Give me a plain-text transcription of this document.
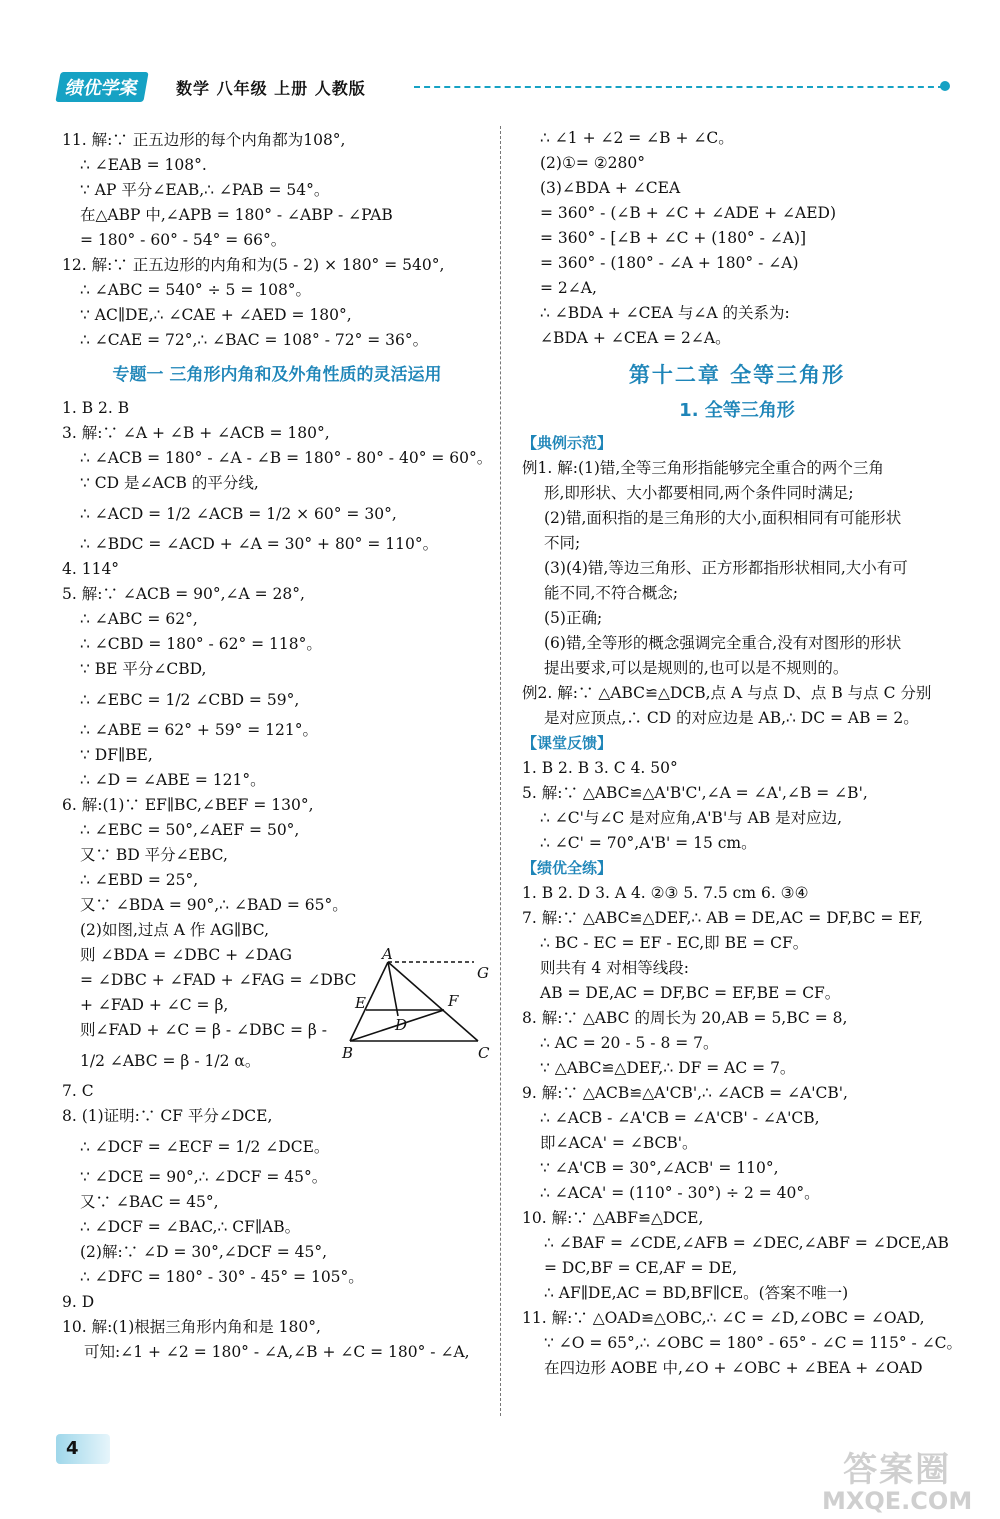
绩优学案	数学 八年级 上册 人教版
11. 解:∵ 正五边形的每个内角都为108°,
∴ ∠EAB = 108°.
∵ AP 平分∠EAB,∴ ∠PAB = 54°。
在△ABP 中,∠APB = 180° - ∠ABP - ∠PAB
= 180° - 60° - 54° = 66°。
12. 解:∵ 正五边形的内角和为(5 - 2) × 180° = 540°,
∴ ∠ABC = 540° ÷ 5 = 108°。
∵ AC∥DE,∴ ∠CAE + ∠AED = 180°,
∴ ∠CAE = 72°,∴ ∠BAC = 108° - 72° = 36°。
专题一 三角形内角和及外角性质的灵活运用
1. B 2. B
3. 解:∵ ∠A + ∠B + ∠ACB = 180°,
∴ ∠ACB = 180° - ∠A - ∠B = 180° - 80° - 40° = 60°。
∵ CD 是∠ACB 的平分线,
∴ ∠ACD = 1/2 ∠ACB = 1/2 × 60° = 30°,
∴ ∠BDC = ∠ACD + ∠A = 30° + 80° = 110°。
4. 114°
5. 解:∵ ∠ACB = 90°,∠A = 28°,
∴ ∠ABC = 62°,
∴ ∠CBD = 180° - 62° = 118°。
∵ BE 平分∠CBD,
∴ ∠EBC = 1/2 ∠CBD = 59°,
∴ ∠ABE = 62° + 59° = 121°。
∵ DF∥BE,
∴ ∠D = ∠ABE = 121°。
6. 解:(1)∵ EF∥BC,∠BEF = 130°,
∴ ∠EBC = 50°,∠AEF = 50°,
又∵ BD 平分∠EBC,
∴ ∠EBD = 25°,
又∵ ∠BDA = 90°,∴ ∠BAD = 65°。
(2)如图,过点 A 作 AG∥BC,
则 ∠BDA = ∠DBC + ∠DAG
= ∠DBC + ∠FAD + ∠FAG = ∠DBC
+ ∠FAD + ∠C = β,
则∠FAD + ∠C = β - ∠DBC = β -
1/2 ∠ABC = β - 1/2 α。
7. C
8. (1)证明:∵ CF 平分∠DCE,
∴ ∠DCF = ∠ECF = 1/2 ∠DCE。
∵ ∠DCE = 90°,∴ ∠DCF = 45°。
又∵ ∠BAC = 45°,
∴ ∠DCF = ∠BAC,∴ CF∥AB。
(2)解:∵ ∠D = 30°,∠DCF = 45°,
∴ ∠DFC = 180° - 30° - 45° = 105°。
9. D
10. 解:(1)根据三角形内角和是 180°,
可知:∠1 + ∠2 = 180° - ∠A,∠B + ∠C = 180° - ∠A,
A
G
E	F
D
B	C
∴ ∠1 + ∠2 = ∠B + ∠C。
(2)①= ②280°
(3)∠BDA + ∠CEA
= 360° - (∠B + ∠C + ∠ADE + ∠AED)
= 360° - [∠B + ∠C + (180° - ∠A)]
= 360° - (180° - ∠A + 180° - ∠A)
= 2∠A,
∴ ∠BDA + ∠CEA 与∠A 的关系为:
∠BDA + ∠CEA = 2∠A。
第十二章 全等三角形
1. 全等三角形
【典例示范】
例1. 解:(1)错,全等三角形指能够完全重合的两个三角
形,即形状、大小都要相同,两个条件同时满足;
(2)错,面积指的是三角形的大小,面积相同有可能形状
不同;
(3)(4)错,等边三角形、正方形都指形状相同,大小有可
能不同,不符合概念;
(5)正确;
(6)错,全等形的概念强调完全重合,没有对图形的形状
提出要求,可以是规则的,也可以是不规则的。
例2. 解:∵ △ABC≌△DCB,点 A 与点 D、点 B 与点 C 分别
是对应顶点,∴ CD 的对应边是 AB,∴ DC = AB = 2。
【课堂反馈】
1. B 2. B 3. C 4. 50°
5. 解:∵ △ABC≌△A'B'C',∠A = ∠A',∠B = ∠B',
∴ ∠C'与∠C 是对应角,A'B'与 AB 是对应边,
∴ ∠C' = 70°,A'B' = 15 cm。
【绩优全练】
1. B 2. D 3. A 4. ②③ 5. 7.5 cm 6. ③④
7. 解:∵ △ABC≌△DEF,∴ AB = DE,AC = DF,BC = EF,
∴ BC - EC = EF - EC,即 BE = CF。
则共有 4 对相等线段:
AB = DE,AC = DF,BC = EF,BE = CF。
8. 解:∵ △ABC 的周长为 20,AB = 5,BC = 8,
∴ AC = 20 - 5 - 8 = 7。
∵ △ABC≌△DEF,∴ DF = AC = 7。
9. 解:∵ △ACB≌△A'CB',∴ ∠ACB = ∠A'CB',
∴ ∠ACB - ∠A'CB = ∠A'CB' - ∠A'CB,
即∠ACA' = ∠BCB'。
∵ ∠A'CB = 30°,∠ACB' = 110°,
∴ ∠ACA' = (110° - 30°) ÷ 2 = 40°。
10. 解:∵ △ABF≌△DCE,
∴ ∠BAF = ∠CDE,∠AFB = ∠DEC,∠ABF = ∠DCE,AB
= DC,BF = CE,AF = DE,
∴ AF∥DE,AC = BD,BF∥CE。(答案不唯一)
11. 解:∵ △OAD≌△OBC,∴ ∠C = ∠D,∠OBC = ∠OAD,
∵ ∠O = 65°,∴ ∠OBC = 180° - 65° - ∠C = 115° - ∠C。
在四边形 AOBE 中,∠O + ∠OBC + ∠BEA + ∠OAD
4
答案圈
MXQE.COM
